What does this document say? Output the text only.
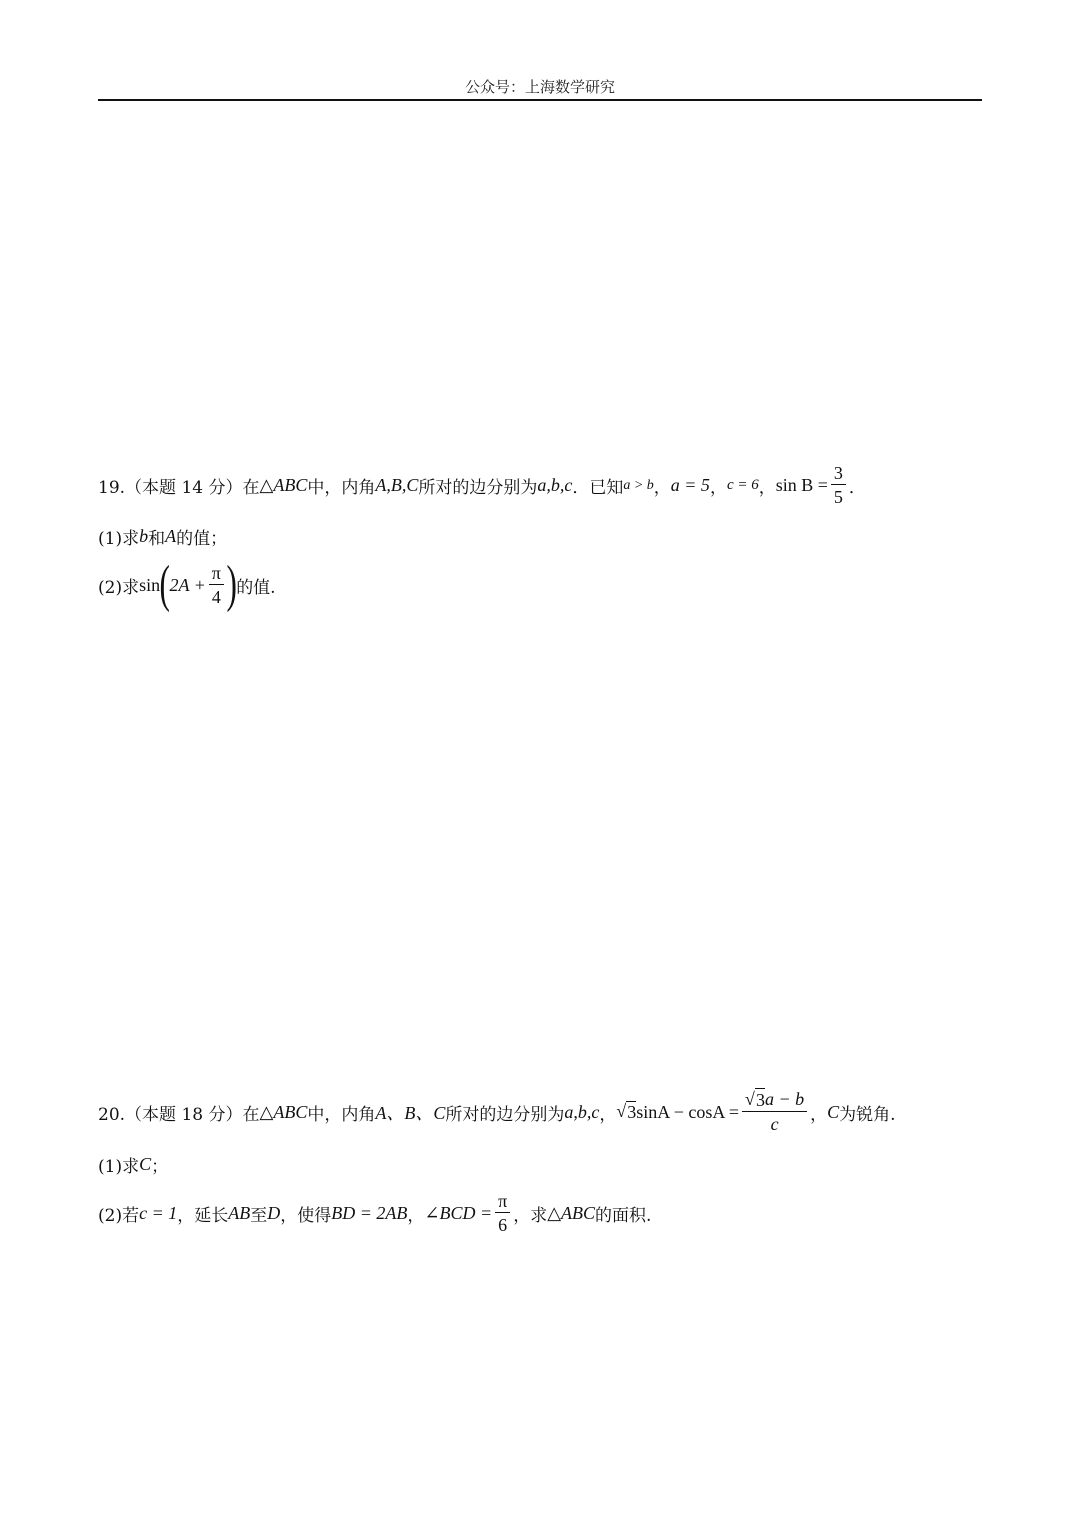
公众号：上海数学研究
19.（本题 14 分）在 △ ABC 中，内角 A,B,C 所对的边分别为 a,b,c ．已知 a > b ， a = 5 ， c = 6 ， $\sin B = \frac{3}{5}$ ．
(1)求 b 和 A 的值；
(2)求 sin ( $2A + \frac{\pi}{4}$ ) 的值.
20.（本题 18 分）在 △ ABC 中，内角 A、B、C 所对的边分别为 a,b,c ， √ 3 $\sin A - \cos A = \frac{√ 3 a - b}{c}$ ， C 为锐角.
(1)求 C ；
(2)若 c = 1 ，延长 AB 至 D ，使得 BD = 2AB ， ∠BCD = $\frac{\pi}{6}$ ，求 △ ABC 的面积.
